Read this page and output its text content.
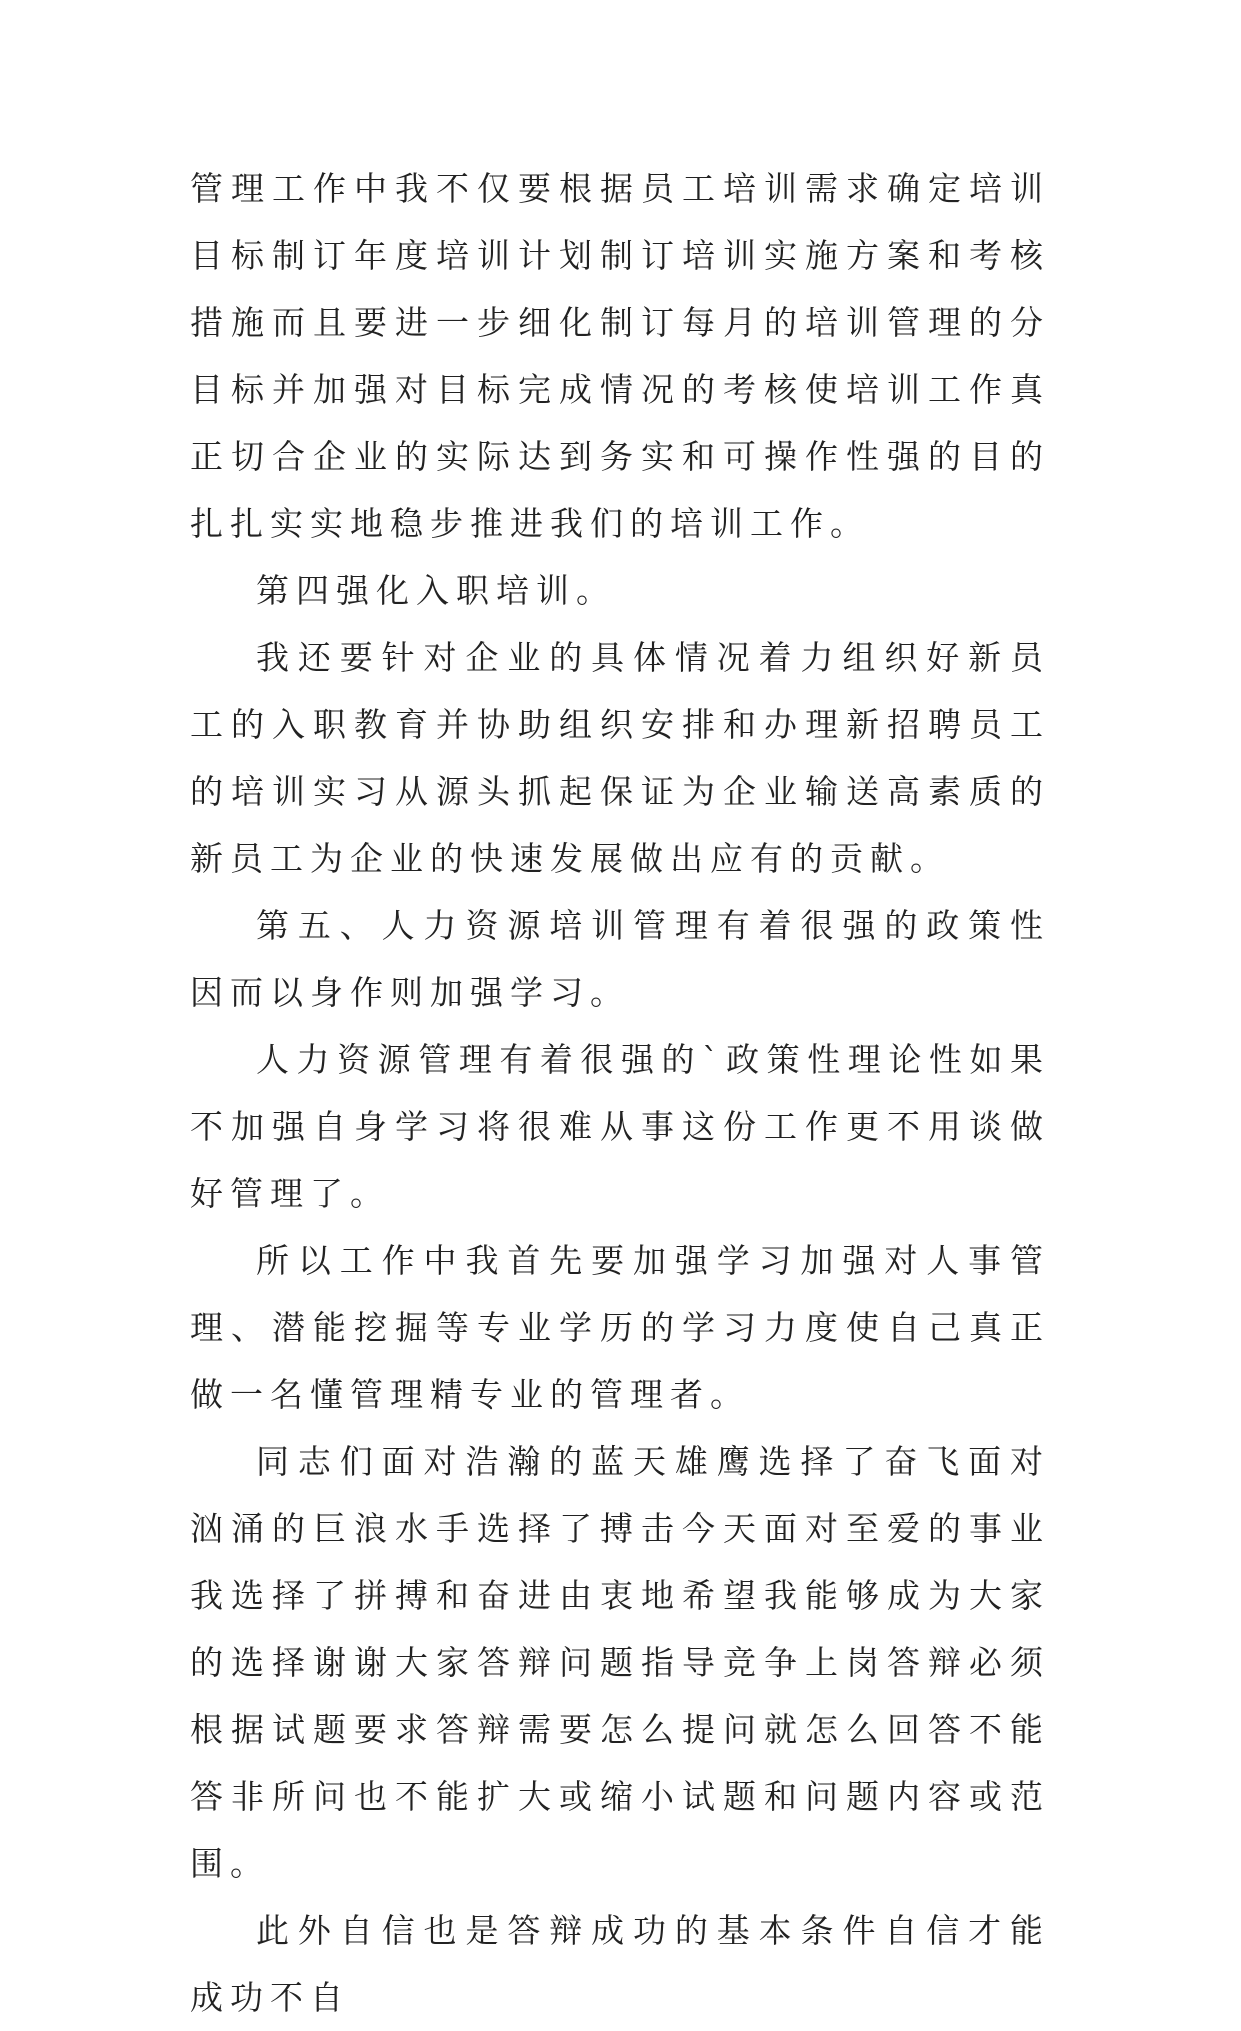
管理工作中我不仅要根据员工培训需求确定培训目标制订年度培训计划制订培训实施方案和考核措施而且要进一步细化制订每月的培训管理的分目标并加强对目标完成情况的考核使培训工作真正切合企业的实际达到务实和可操作性强的目的扎扎实实地稳步推进我们的培训工作。

第四强化入职培训。

我还要针对企业的具体情况着力组织好新员工的入职教育并协助组织安排和办理新招聘员工的培训实习从源头抓起保证为企业输送高素质的新员工为企业的快速发展做出应有的贡献。

第五、人力资源培训管理有着很强的政策性因而以身作则加强学习。

人力资源管理有着很强的`政策性理论性如果不加强自身学习将很难从事这份工作更不用谈做好管理了。

所以工作中我首先要加强学习加强对人事管理、潜能挖掘等专业学历的学习力度使自己真正做一名懂管理精专业的管理者。

同志们面对浩瀚的蓝天雄鹰选择了奋飞面对汹涌的巨浪水手选择了搏击今天面对至爱的事业我选择了拼搏和奋进由衷地希望我能够成为大家的选择谢谢大家答辩问题指导竞争上岗答辩必须根据试题要求答辩需要怎么提问就怎么回答不能答非所问也不能扩大或缩小试题和问题内容或范围。

此外自信也是答辩成功的基本条件自信才能成功不自
